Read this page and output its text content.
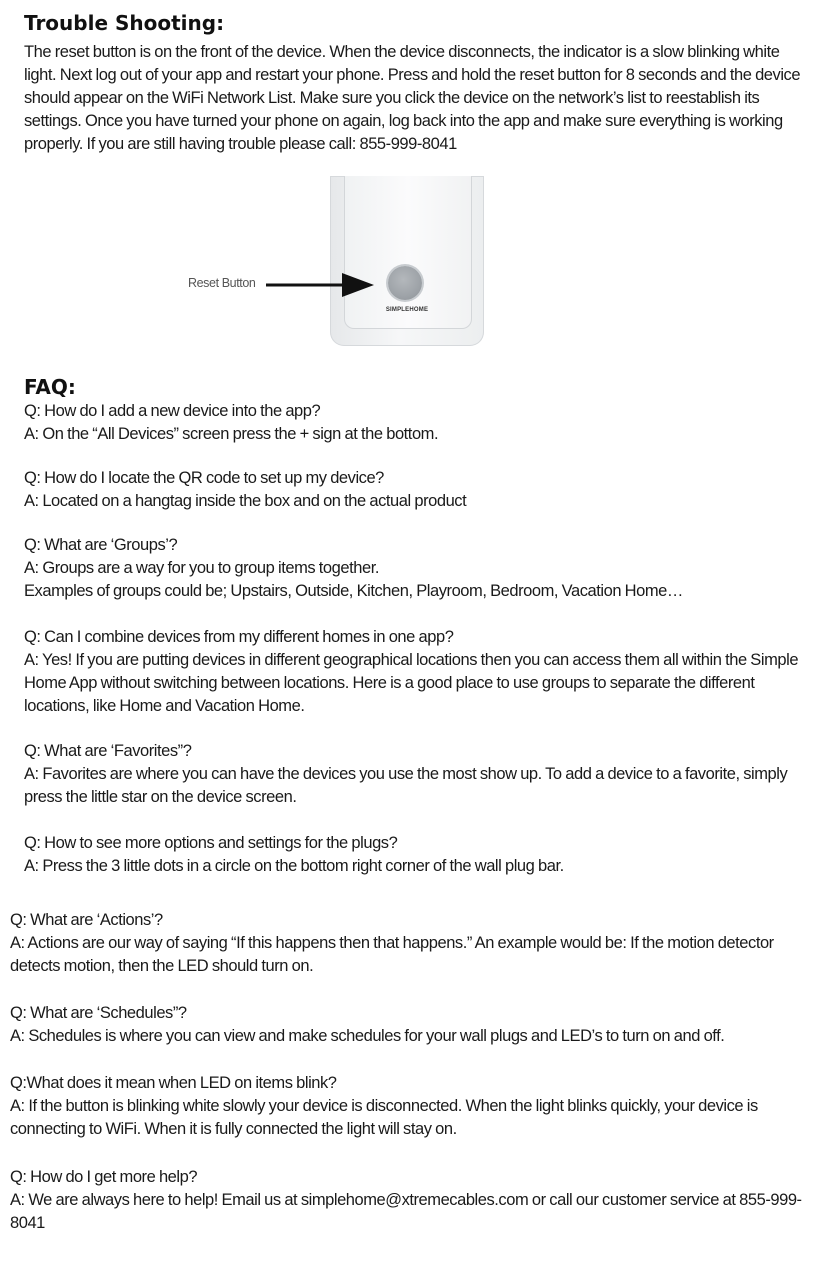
Trouble Shooting:
The reset button is on the front of the device. When the device disconnects, the indicator is a slow blinking white light. Next log out of your app and restart your phone. Press and hold the reset button for 8 seconds and the device should appear on the WiFi Network List. Make sure you click the device on the network’s list to reestablish its settings. Once you have turned your phone on again, log back into the app and make sure everything is working properly. If you are still having trouble please call: 855-999-8041
SIMPLEHOME
Reset Button
FAQ:
Q: How do I add a new device into the app?
A: On the “All Devices” screen press the + sign at the bottom.
Q: How do I locate the QR code to set up my device?
A: Located on a hangtag inside the box and on the actual product
Q: What are ‘Groups’?
A: Groups are a way for you to group items together.
Examples of groups could be; Upstairs, Outside, Kitchen, Playroom, Bedroom, Vacation Home…
Q: Can I combine devices from my different homes in one app?
A: Yes! If you are putting devices in different geographical locations then you can access them all within the Simple Home App without switching between locations. Here is a good place to use groups to separate the different locations, like Home and Vacation Home.
Q: What are ‘Favorites”?
A: Favorites are where you can have the devices you use the most show up. To add a device to a favorite, simply press the little star on the device screen.
Q: How to see more options and settings for the plugs?
A: Press the 3 little dots in a circle on the bottom right corner of the wall plug bar.
Q: What are ‘Actions’?
A: Actions are our way of saying “If this happens then that happens.” An example would be: If the motion detector detects motion, then the LED should turn on.
Q: What are ‘Schedules”?
A: Schedules is where you can view and make schedules for your wall plugs and LED’s to turn on and off.
Q:What does it mean when LED on items blink?
A: If the button is blinking white slowly your device is disconnected. When the light blinks quickly, your device is connecting to WiFi. When it is fully connected the light will stay on.
Q: How do I get more help?
A: We are always here to help! Email us at simplehome@xtremecables.com or call our customer service at 855-999-8041
